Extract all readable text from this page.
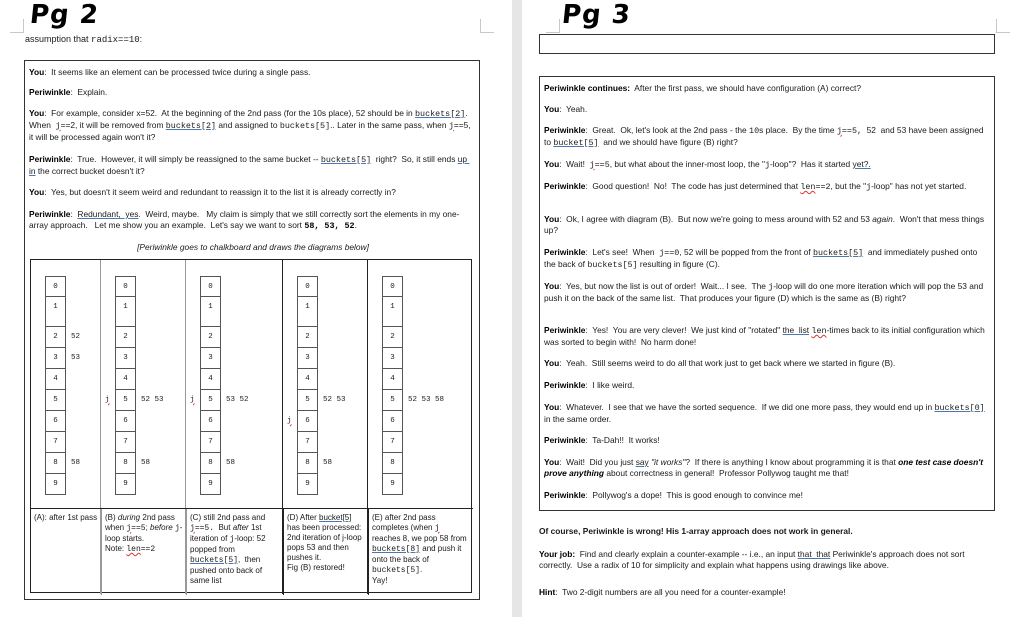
Pg 2
assumption that radix==10:
You:  It seems like an element can be processed twice during a single pass.
Periwinkle:  Explain.
You:  For example, consider x=52.  At the beginning of the 2nd pass (for the 10s place), 52 should be in buckets[2].  When  j==2, it will be removed from buckets[2] and assigned to buckets[5].. Later in the same pass, when j==5, it will be processed again won't it?
Periwinkle:  True.  However, it will simply be reassigned to the same bucket -- buckets[5]  right?  So, it still ends up  in the correct bucket doesn't it?
You:  Yes, but doesn't it seem weird and redundant to reassign it to the list it is already correctly in?
Periwinkle:  Redundant,  yes.  Weird, maybe.   My claim is simply that we still correctly sort the elements in my one-array approach.   Let me show you an example.  Let's say we want to sort 58, 53, 52.
[Periwinkle goes to chalkboard and draws the diagrams below]
0
1
2 52
3 53
4
5
6
7
8 58
9
0
1
2
3
4
j 5 52 53
6
7
8 58
9
0
1
2
3
4
j 5 53 52
6
7
8 58
9
0
1
2
3
4
5 52 53
j 6
7
8 58
9
0
1
2
3
4
5 52 53 58
6
7
8
9
(A): after 1st pass (B) during 2nd pass when j==5; before j-loop starts.
Note: len==2
(C) still 2nd pass and j==5.  But after 1st iteration of j-loop: 52 popped from buckets[5],  then pushed onto back of same list
(D) After bucket[5] has been processed: 2nd iteration of j-loop pops 53 and then pushes it.
Fig (B) restored!
(E) after 2nd pass completes (when j reaches 8, we pop 58 from buckets[8] and push it onto the back of buckets[5].
Yay!
Pg 3
Periwinkle continues:  After the first pass, we should have configuration (A) correct?
You:  Yeah.
Periwinkle:  Great.  Ok, let's look at the 2nd pass - the 10s place.  By the time j==5,  52  and 53 have been assigned to bucket[5]  and we should have figure (B) right?
You:  Wait!  j==5, but what about the inner-most loop, the "j-loop"?  Has it started yet?.
Periwinkle:  Good question!  No!  The code has just determined that len==2, but the "j-loop" has not yet started.
You:  Ok, I agree with diagram (B).  But now we're going to mess around with 52 and 53 again.  Won't that mess things up?
Periwinkle:  Let's see!  When  j==0, 52 will be popped from the front of buckets[5]  and immediately pushed onto the back of buckets[5] resulting in figure (C).
You:  Yes, but now the list is out of order!  Wait... I see.  The j-loop will do one more iteration which will pop the 53 and push it on the back of the same list.  That produces your figure (D) which is the same as (B) right?
Periwinkle:  Yes!  You are very clever!  We just kind of "rotated" the  list len-times back to its initial configuration which was sorted to begin with!  No harm done!
You:  Yeah.  Still seems weird to do all that work just to get back where we started in figure (B).
Periwinkle:  I like weird.
You:  Whatever.  I see that we have the sorted sequence.  If we did one more pass, they would end up in buckets[0] in the same order.
Periwinkle:  Ta-Dah!!  It works!
You:  Wait!  Did you just say "it works"?  If there is anything I know about programming it is that one test case doesn't prove anything about correctness in general!  Professor Pollywog taught me that!
Periwinkle:  Pollywog's a dope!  This is good enough to convince me!
Of course, Periwinkle is wrong! His 1-array approach does not work in general.
Your job:  Find and clearly explain a counter-example -- i.e., an input that  that Periwinkle's approach does not sort correctly.  Use a radix of 10 for simplicity and explain what happens using drawings like above.
Hint:  Two 2-digit numbers are all you need for a counter-example!
